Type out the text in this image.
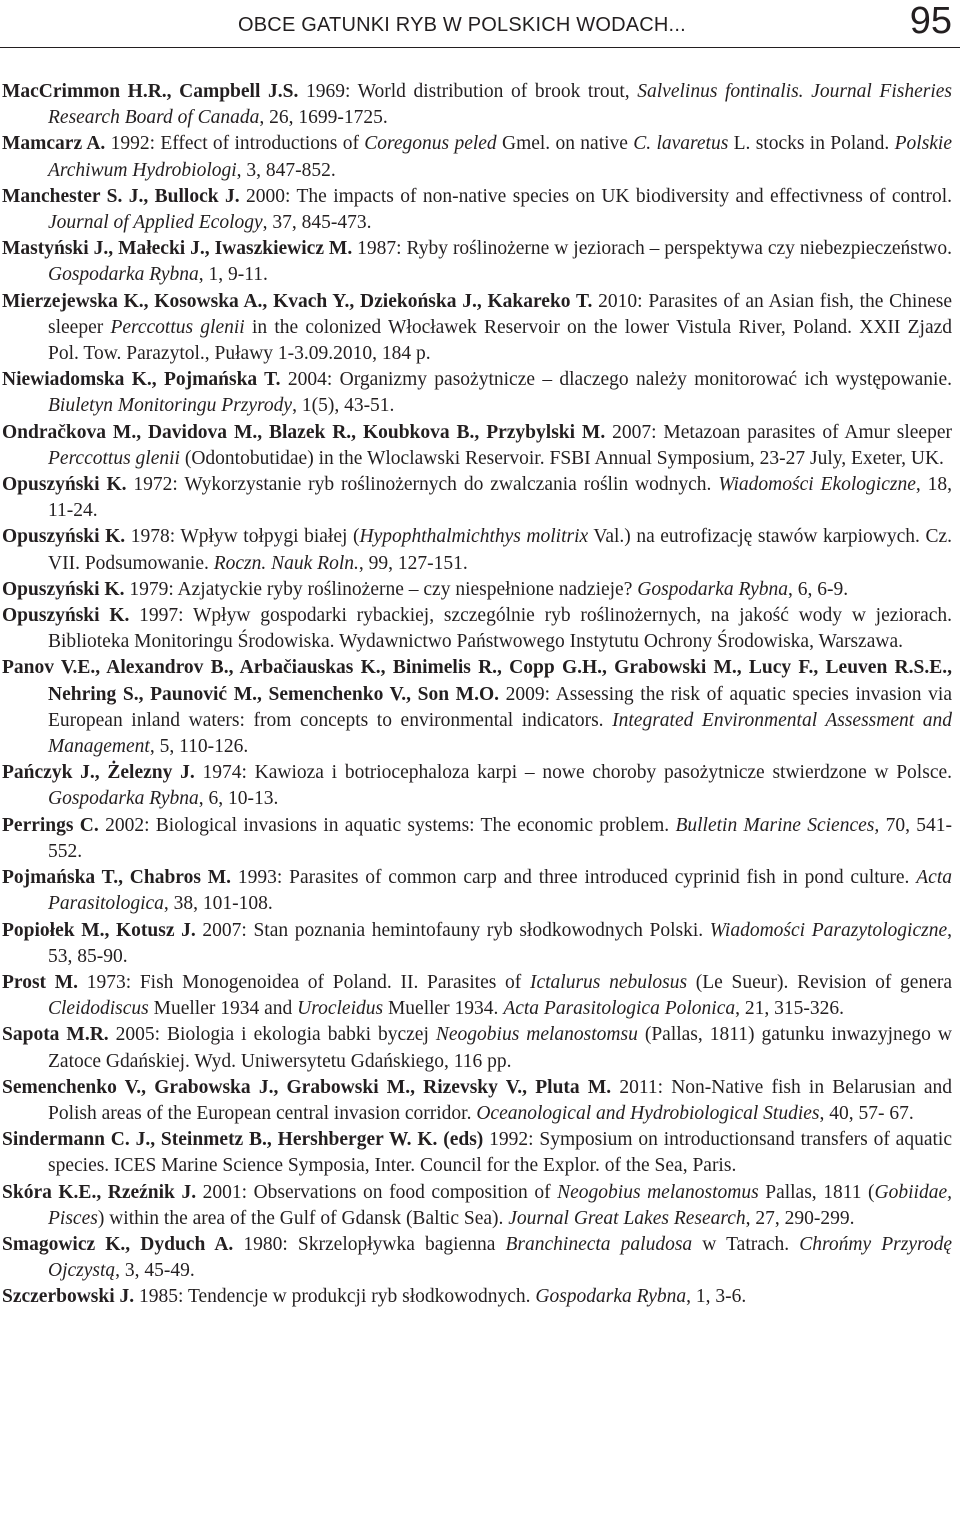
OBCE GATUNKI RYB W POLSKICH WODACH...	95

MacCrimmon H.R., Campbell J.S. 1969: World distribution of brook trout, Salvelinus fontinalis. Journal Fisheries Research Board of Canada, 26, 1699-1725.

Mamcarz A. 1992: Effect of introductions of Coregonus peled Gmel. on native C. lavaretus L. stocks in Poland. Polskie Archiwum Hydrobiologi, 3, 847-852.

Manchester S. J., Bullock J. 2000: The impacts of non-native species on UK biodiversity and effectivness of control. Journal of Applied Ecology, 37, 845-473.

Mastyński J., Małecki J., Iwaszkiewicz M. 1987: Ryby roślinożerne w jeziorach – perspektywa czy niebezpieczeństwo. Gospodarka Rybna, 1, 9-11.

Mierzejewska K., Kosowska A., Kvach Y., Dziekońska J., Kakareko T. 2010: Parasites of an Asian fish, the Chinese sleeper Perccottus glenii in the colonized Włocławek Reservoir on the lower Vistula River, Poland. XXII Zjazd Pol. Tow. Parazytol., Puławy 1-3.09.2010, 184 p.

Niewiadomska K., Pojmańska T. 2004: Organizmy pasożytnicze – dlaczego należy monitorować ich występowanie. Biuletyn Monitoringu Przyrody, 1(5), 43-51.

Ondračkova M., Davidova M., Blazek R., Koubkova B., Przybylski M. 2007: Metazoan parasites of Amur sleeper Perccottus glenii (Odontobutidae) in the Wloclawski Reservoir. FSBI Annual Symposium, 23-27 July, Exeter, UK.

Opuszyński K. 1972: Wykorzystanie ryb roślinożernych do zwalczania roślin wodnych. Wiadomości Ekologiczne, 18, 11-24.

Opuszyński K. 1978: Wpływ tołpygi białej (Hypophthalmichthys molitrix Val.) na eutrofizację stawów karpiowych. Cz. VII. Podsumowanie. Roczn. Nauk Roln., 99, 127-151.

Opuszyński K. 1979: Azjatyckie ryby roślinożerne – czy niespełnione nadzieje? Gospodarka Rybna, 6, 6-9.

Opuszyński K. 1997: Wpływ gospodarki rybackiej, szczególnie ryb roślinożernych, na jakość wody w jeziorach. Biblioteka Monitoringu Środowiska. Wydawnictwo Państwowego Instytutu Ochrony Środowiska, Warszawa.

Panov V.E., Alexandrov B., Arbačiauskas K., Binimelis R., Copp G.H., Grabowski M., Lucy F., Leuven R.S.E., Nehring S., Paunović M., Semenchenko V., Son M.O. 2009: Assessing the risk of aquatic species invasion via European inland waters: from concepts to environmental indicators. Integrated Environmental Assessment and Management, 5, 110-126.

Pańczyk J., Żelezny J. 1974: Kawioza i botriocephaloza karpi – nowe choroby pasożytnicze stwierdzone w Polsce. Gospodarka Rybna, 6, 10-13.

Perrings C. 2002: Biological invasions in aquatic systems: The economic problem. Bulletin Marine Sciences, 70, 541-552.

Pojmańska T., Chabros M. 1993: Parasites of common carp and three introduced cyprinid fish in pond culture. Acta Parasitologica, 38, 101-108.

Popiołek M., Kotusz J. 2007: Stan poznania hemintofauny ryb słodkowodnych Polski. Wiadomości Parazytologiczne, 53, 85-90.

Prost M. 1973: Fish Monogenoidea of Poland. II. Parasites of Ictalurus nebulosus (Le Sueur). Revision of genera Cleidodiscus Mueller 1934 and Urocleidus Mueller 1934. Acta Parasitologica Polonica, 21, 315-326.

Sapota M.R. 2005: Biologia i ekologia babki byczej Neogobius melanostomsu (Pallas, 1811) gatunku inwazyjnego w Zatoce Gdańskiej. Wyd. Uniwersytetu Gdańskiego, 116 pp.

Semenchenko V., Grabowska J., Grabowski M., Rizevsky V., Pluta M. 2011: Non-Native fish in Belarusian and Polish areas of the European central invasion corridor. Oceanological and Hydrobiological Studies, 40, 57- 67.

Sindermann C. J., Steinmetz B., Hershberger W. K. (eds) 1992: Symposium on introductionsand transfers of aquatic species. ICES Marine Science Symposia, Inter. Council for the Explor. of the Sea, Paris.

Skóra K.E., Rzeźnik J. 2001: Observations on food composition of Neogobius melanostomus Pallas, 1811 (Gobiidae, Pisces) within the area of the Gulf of Gdansk (Baltic Sea). Journal Great Lakes Research, 27, 290-299.

Smagowicz K., Dyduch A. 1980: Skrzelopływka bagienna Branchinecta paludosa w Tatrach. Chrońmy Przyrodę Ojczystą, 3, 45-49.

Szczerbowski J. 1985: Tendencje w produkcji ryb słodkowodnych. Gospodarka Rybna, 1, 3-6.
